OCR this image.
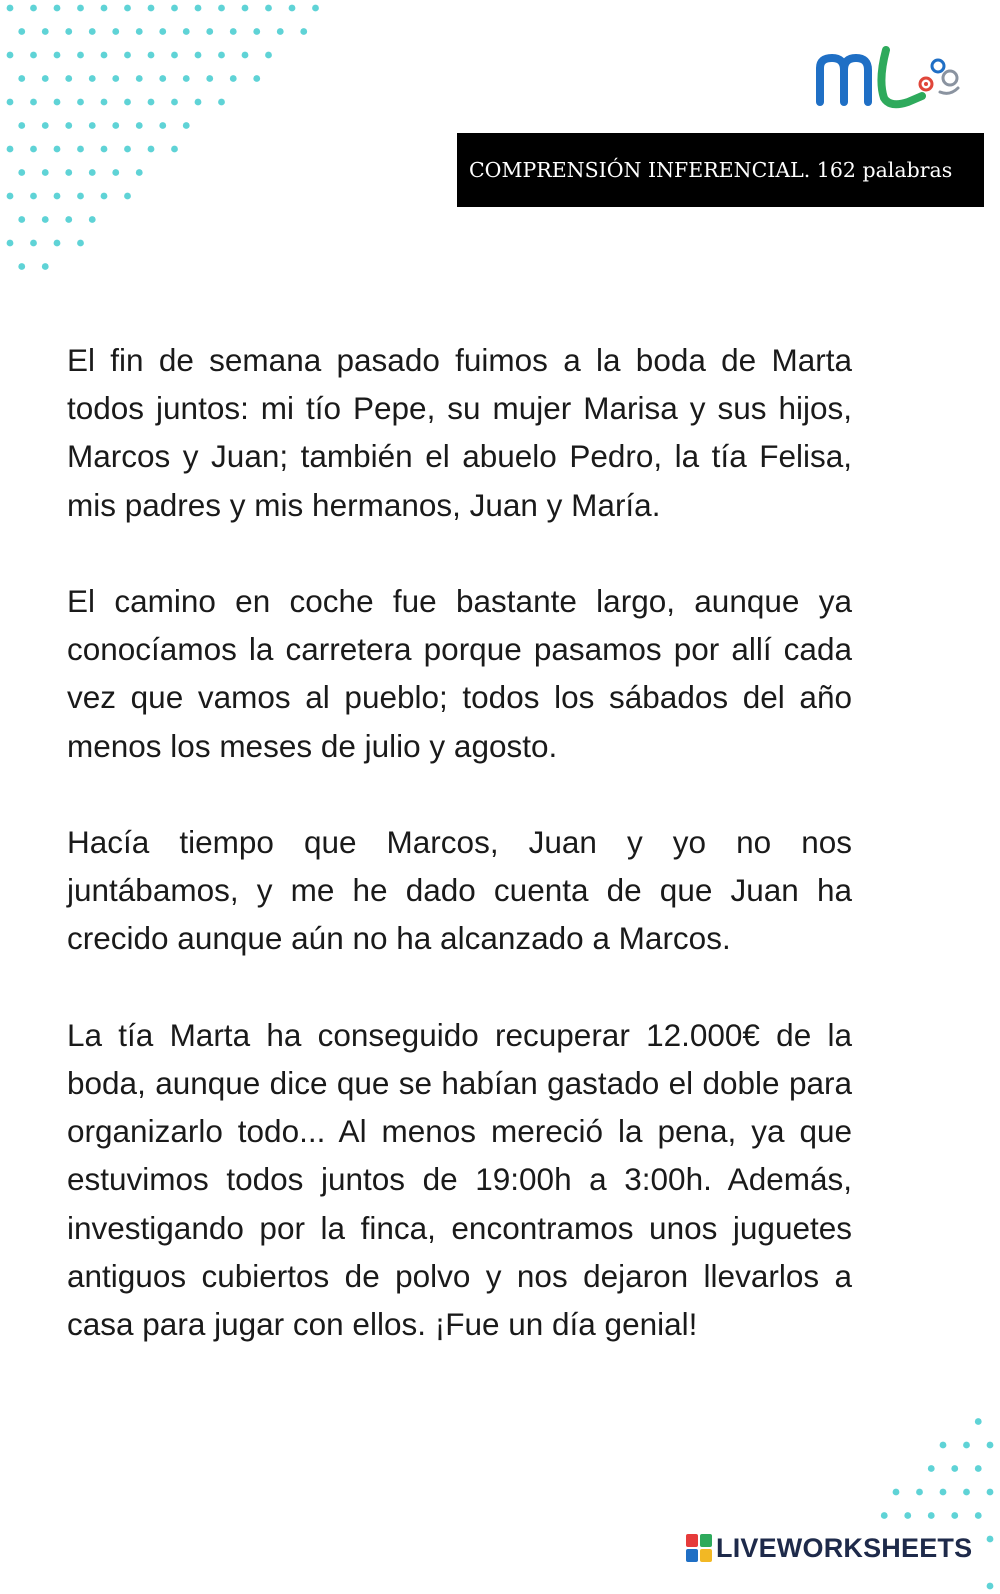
COMPRENSIÓN INFERENCIAL. 162 palabras

El fin de semana pasado fuimos a la boda de Marta todos juntos: mi tío Pepe, su mujer Marisa y sus hijos, Marcos y Juan; también el abuelo Pedro, la tía Felisa, mis padres y mis hermanos, Juan y María.

El camino en coche fue bastante largo, aunque ya conocíamos la carretera porque pasamos por allí cada vez que vamos al pueblo; todos los sábados del año menos los meses de julio y agosto.

Hacía tiempo que Marcos, Juan y yo no nos juntábamos, y me he dado cuenta de que Juan ha crecido aunque aún no ha alcanzado a Marcos.

La tía Marta ha conseguido recuperar 12.000€ de la boda, aunque dice que se habían gastado el doble para organizarlo todo... Al menos mereció la pena, ya que estuvimos todos juntos de 19:00h a 3:00h. Además, investigando por la finca, encontramos unos juguetes antiguos cubiertos de polvo y nos dejaron llevarlos a casa para jugar con ellos. ¡Fue un día genial!

LIVEWORKSHEETS
